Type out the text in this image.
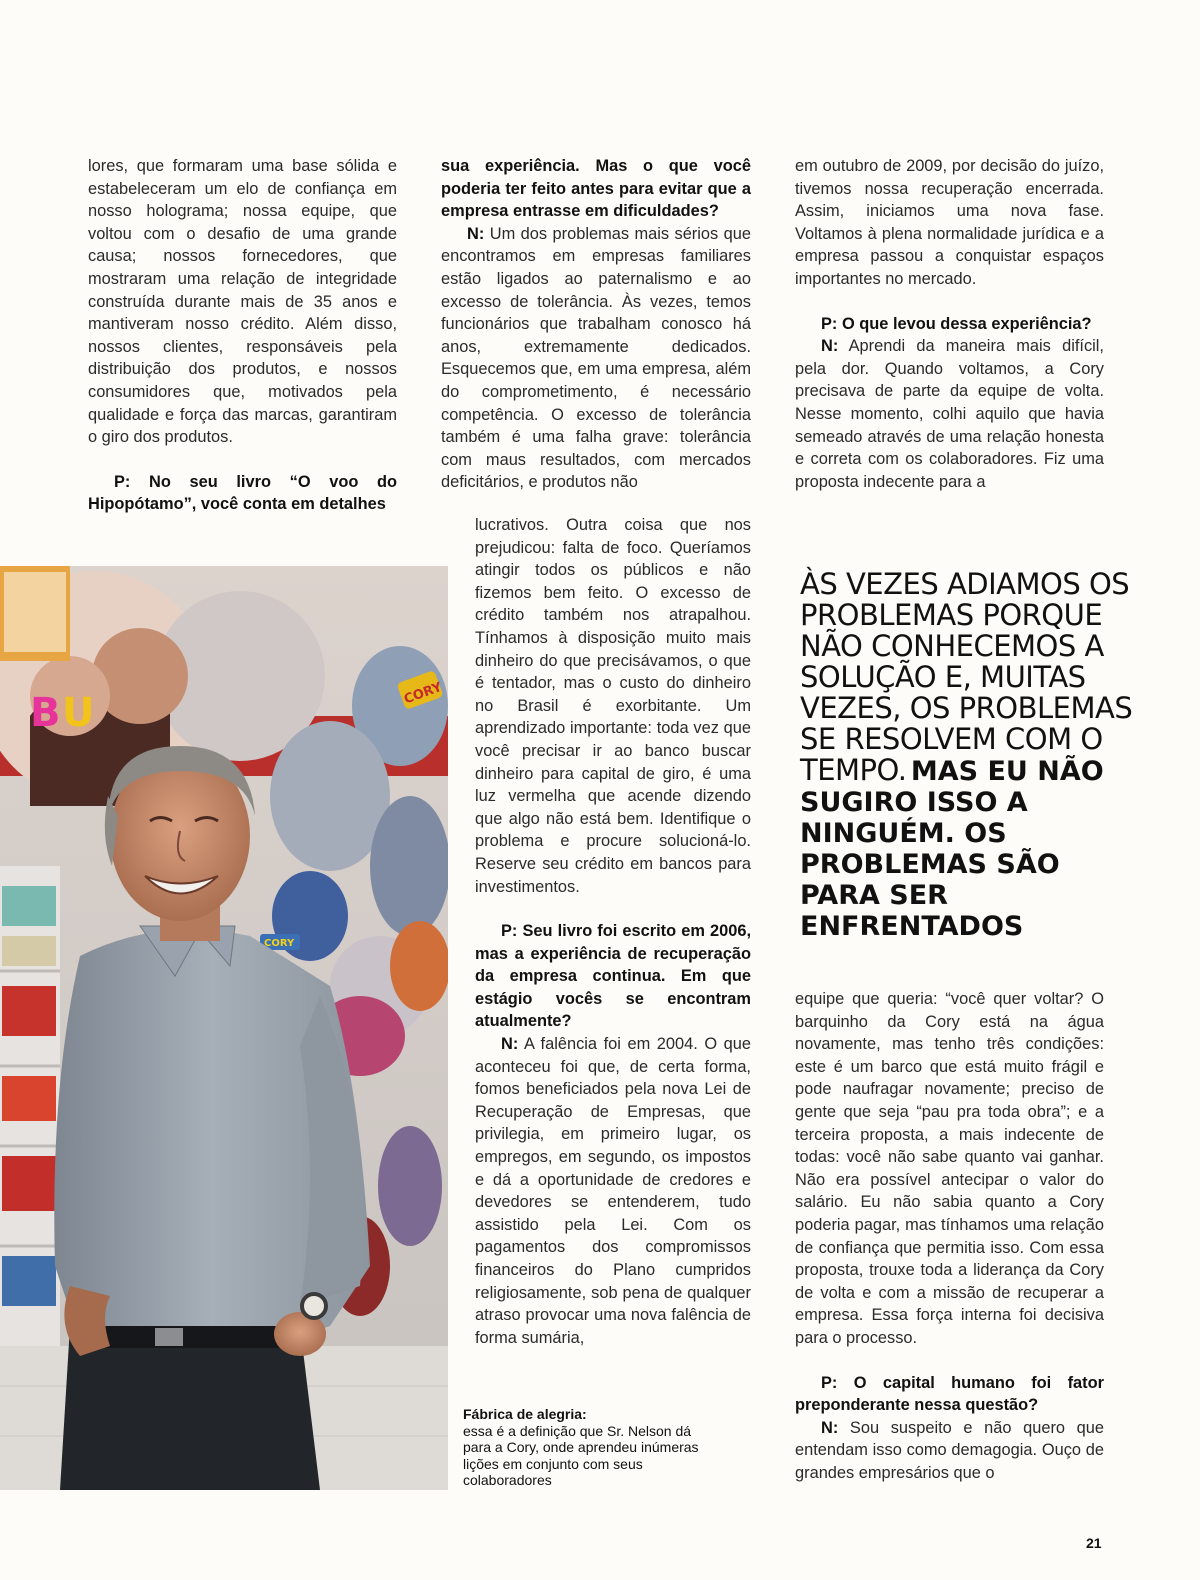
lores, que formaram uma base sólida e estabeleceram um elo de confiança em nosso holograma; nossa equipe, que voltou com o desafio de uma grande causa; nossos fornecedores, que mostraram uma relação de integridade construída durante mais de 35 anos e mantiveram nosso crédito. Além disso, nossos clientes, responsáveis pela distribuição dos produtos, e nossos consumidores que, motivados pela qualidade e força das marcas, garantiram o giro dos produtos.

P: No seu livro “O voo do Hipopótamo”, você conta em detalhes

sua experiência. Mas o que você poderia ter feito antes para evitar que a empresa entrasse em dificuldades?

N: Um dos problemas mais sérios que encontramos em empresas familiares estão ligados ao paternalismo e ao excesso de tolerância. Às vezes, temos funcionários que trabalham conosco há anos, extremamente dedicados. Esquecemos que, em uma empresa, além do comprometimento, é necessário competência. O excesso de tolerância também é uma falha grave: tolerância com maus resultados, com mercados deficitários, e produtos não

lucrativos. Outra coisa que nos prejudicou: falta de foco. Queríamos atingir todos os públicos e não fizemos bem feito. O excesso de crédito também nos atrapalhou. Tínhamos à disposição muito mais dinheiro do que precisávamos, o que é tentador, mas o custo do dinheiro no Brasil é exorbitante. Um aprendizado importante: toda vez que você precisar ir ao banco buscar dinheiro para capital de giro, é uma luz vermelha que acende dizendo que algo não está bem. Identifique o problema e procure solucioná-lo. Reserve seu crédito em bancos para investimentos.

P: Seu livro foi escrito em 2006, mas a experiência de recuperação da empresa continua. Em que estágio vocês se encontram atualmente?

N: A falência foi em 2004. O que aconteceu foi que, de certa forma, fomos beneficiados pela nova Lei de Recuperação de Empresas, que privilegia, em primeiro lugar, os empregos, em segundo, os impostos e dá a oportunidade de credores e devedores se entenderem, tudo assistido pela Lei. Com os pagamentos dos compromissos financeiros do Plano cumpridos religiosamente, sob pena de qualquer atraso provocar uma nova falência de forma sumária,

em outubro de 2009, por decisão do juízo, tivemos nossa recuperação encerrada. Assim, iniciamos uma nova fase. Voltamos à plena normalidade jurídica e a empresa passou a conquistar espaços importantes no mercado.

P: O que levou dessa experiência?

N: Aprendi da maneira mais difícil, pela dor. Quando voltamos, a Cory precisava de parte da equipe de volta. Nesse momento, colhi aquilo que havia semeado através de uma relação honesta e correta com os colaboradores. Fiz uma proposta indecente para a

ÀS VEZES ADIAMOS OS PROBLEMAS PORQUE NÃO CONHECEMOS A SOLUÇÃO E, MUITAS VEZES, OS PROBLEMAS SE RESOLVEM COM O TEMPO. MAS EU NÃO SUGIRO ISSO A NINGUÉM. OS PROBLEMAS SÃO PARA SER ENFRENTADOS

equipe que queria: “você quer voltar? O barquinho da Cory está na água novamente, mas tenho três condições: este é um barco que está muito frágil e pode naufragar novamente; preciso de gente que seja “pau pra toda obra”; e a terceira proposta, a mais indecente de todas: você não sabe quanto vai ganhar. Não era possível antecipar o valor do salário. Eu não sabia quanto a Cory poderia pagar, mas tínhamos uma relação de confiança que permitia isso. Com essa proposta, trouxe toda a liderança da Cory de volta e com a missão de recuperar a empresa. Essa força interna foi decisiva para o processo.

P: O capital humano foi fator preponderante nessa questão?

N: Sou suspeito e não quero que entendam isso como demagogia. Ouço de grandes empresários que o

B U	CORY
CORY
Fábrica de alegria:
essa é a definição que Sr. Nelson dá para a Cory, onde aprendeu inúmeras lições em conjunto com seus colaboradores
21
